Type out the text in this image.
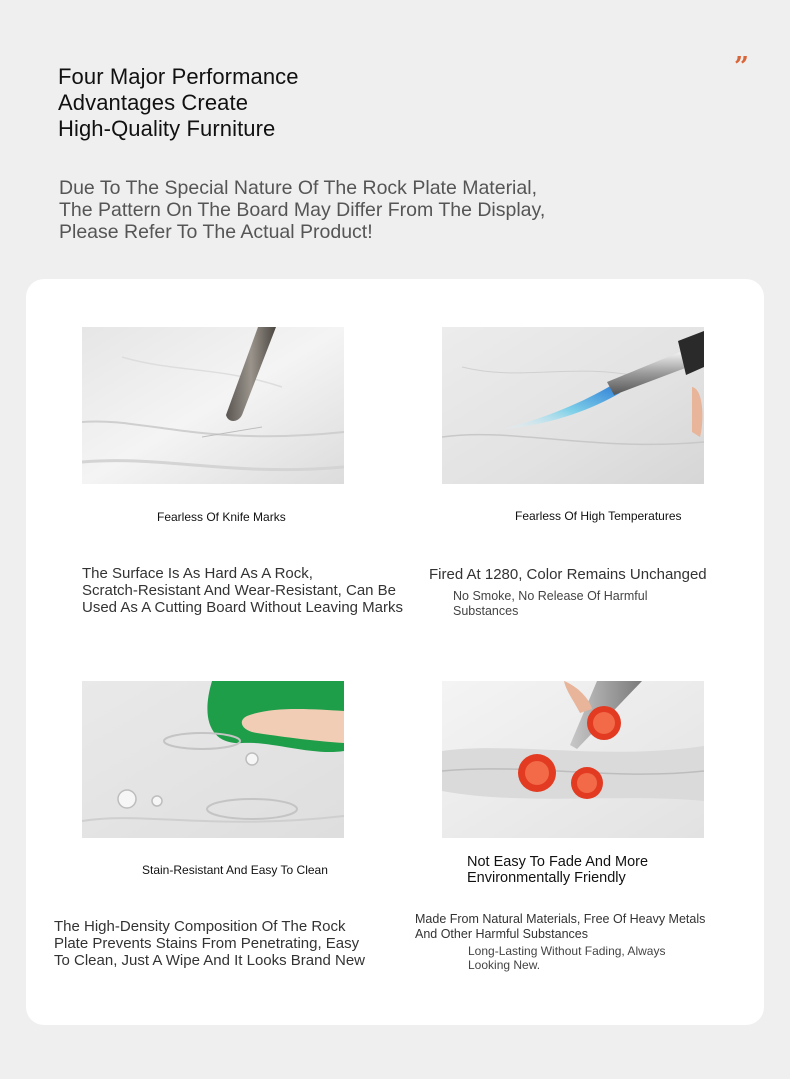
Four Major Performance
Advantages Create
High-Quality Furniture
”

Due To The Special Nature Of The Rock Plate Material,
The Pattern On The Board May Differ From The Display,
Please Refer To The Actual Product!

Fearless Of Knife Marks
The Surface Is As Hard As A Rock,
Scratch-Resistant And Wear-Resistant, Can Be
Used As A Cutting Board Without Leaving Marks
Fearless Of High Temperatures
Fired At 1280, Color Remains Unchanged
No Smoke, No Release Of Harmful
Substances
Stain-Resistant And Easy To Clean
The High-Density Composition Of The Rock
Plate Prevents Stains From Penetrating, Easy
To Clean, Just A Wipe And It Looks Brand New
Not Easy To Fade And More
Environmentally Friendly
Made From Natural Materials, Free Of Heavy Metals
And Other Harmful Substances
Long-Lasting Without Fading, Always
Looking New.
